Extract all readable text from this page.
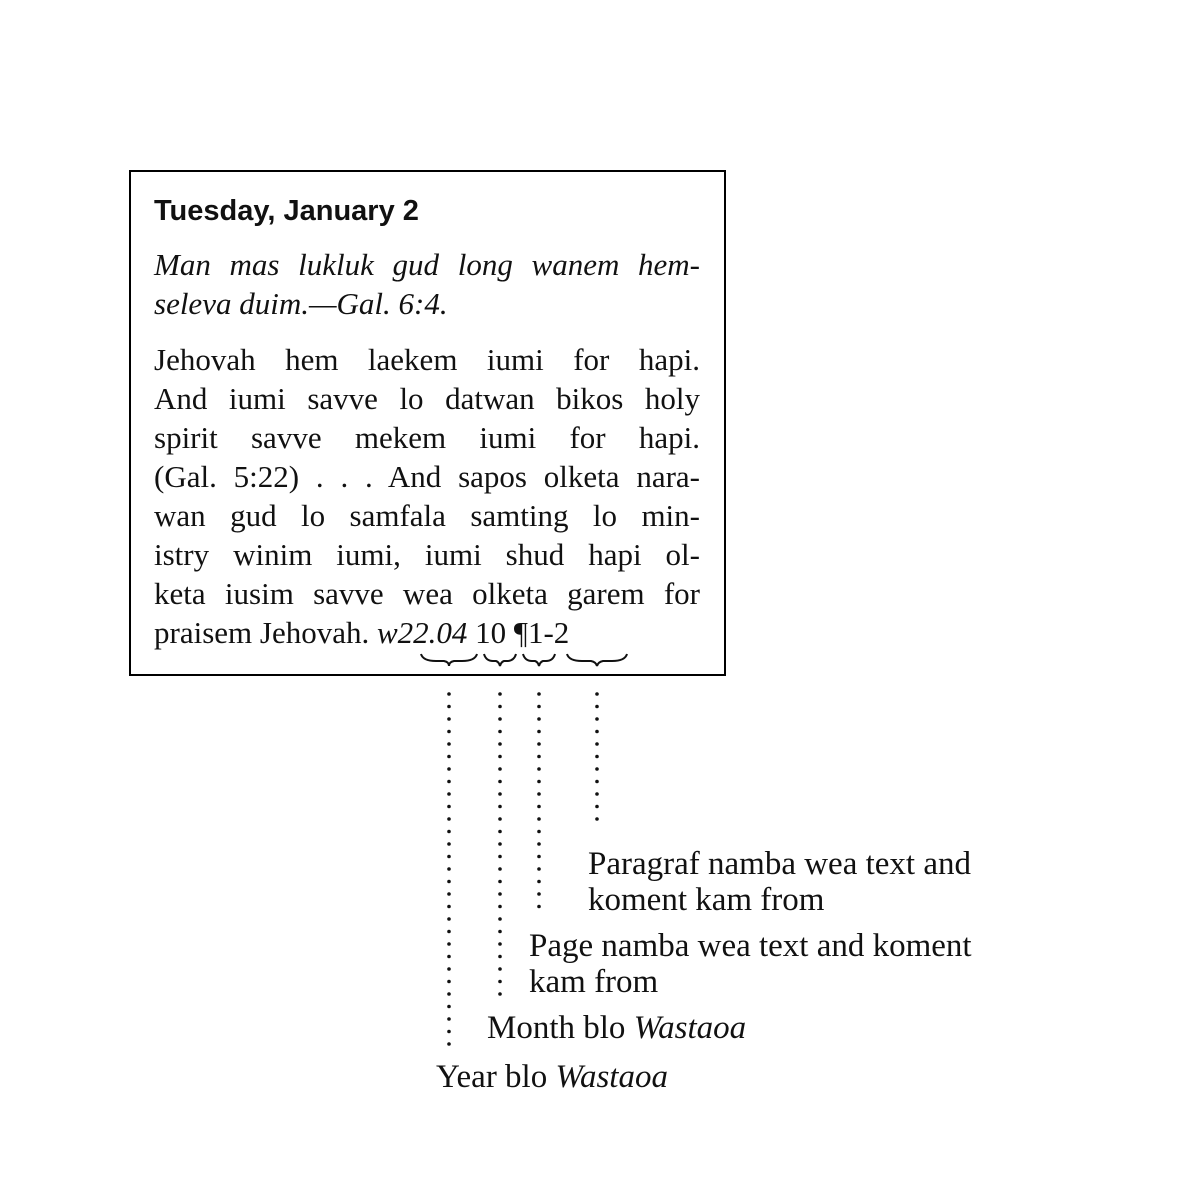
Tuesday, January 2
Man mas lukluk gud long wanem hem-
seleva duim.—Gal. 6:4.
Jehovah hem laekem iumi for hapi.
And iumi savve lo datwan bikos holy
spirit savve mekem iumi for hapi.
(Gal. 5:22) . . . And sapos olketa nara-
wan gud lo samfala samting lo min-
istry winim iumi, iumi shud hapi ol-
keta iusim savve wea olketa garem for
praisem Jehovah. w22.04 10 ¶1-2
Paragraf namba wea text and
koment kam from
Page namba wea text and koment
kam from
Month blo Wastaoa
Year blo Wastaoa
